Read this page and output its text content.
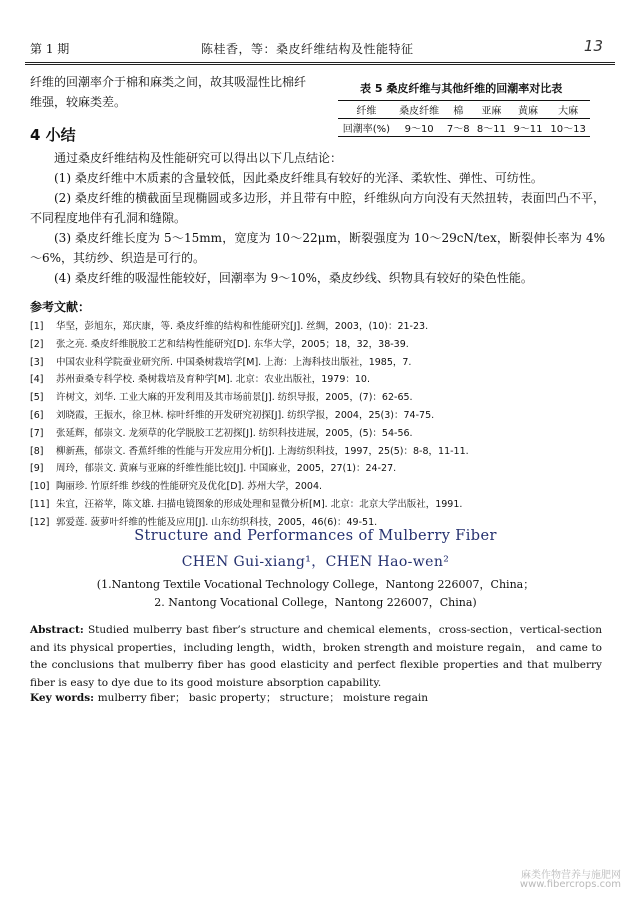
第 1 期	陈桂香，等：桑皮纤维结构及性能特征	13
纤维的回潮率介于棉和麻类之间，故其吸湿性比棉纤维强，较麻类差。
表 5 桑皮纤维与其他纤维的回潮率对比表
纤维	桑皮纤维	棉	亚麻	黄麻	大麻
回潮率(%)	9～10	7～8	8～11	9～11	10～13
4 小结

通过桑皮纤维结构及性能研究可以得出以下几点结论：

(1) 桑皮纤维中木质素的含量较低，因此桑皮纤维具有较好的光泽、柔软性、弹性、可纺性。

(2) 桑皮纤维的横截面呈现椭圆或多边形，并且带有中腔，纤维纵向方向没有天然扭转，表面凹凸不平，不同程度地伴有孔洞和缝隙。

(3) 桑皮纤维长度为 5～15mm，宽度为 10～22μm，断裂强度为 10～29cN/tex，断裂伸长率为 4%～6%，其纺纱、织造是可行的。

(4) 桑皮纤维的吸湿性能较好，回潮率为 9～10%，桑皮纱线、织物具有较好的染色性能。

参考文献：
[1]	华坚，彭旭东，郑庆康，等. 桑皮纤维的结构和性能研究[J]. 丝绸，2003，(10)：21-23.
[2]	张之亮. 桑皮纤维脱胶工艺和结构性能研究[D]. 东华大学，2005；18，32，38-39.
[3]	中国农业科学院蚕业研究所. 中国桑树栽培学[M]. 上海：上海科技出版社，1985，7.
[4]	苏州蚕桑专科学校. 桑树栽培及育种学[M]. 北京：农业出版社，1979：10.
[5]	许树文，刘华. 工业大麻的开发利用及其市场前景[J]. 纺织导报，2005，(7)：62-65.
[6]	刘晓霞，王振水，徐卫林. 棕叶纤维的开发研究初探[J]. 纺织学报，2004，25(3)：74-75.
[7]	张延辉，郁崇文. 龙须草的化学脱胶工艺初探[J]. 纺织科技进展，2005，(5)：54-56.
[8]	柳新燕，郁崇文. 香蕉纤维的性能与开发应用分析[J]. 上海纺织科技，1997，25(5)：8-8，11-11.
[9]	周玲，郁崇文. 黄麻与亚麻的纤维性能比较[J]. 中国麻业，2005，27(1)：24-27.
[10] 陶丽珍. 竹原纤维 纱线的性能研究及优化[D]. 苏州大学，2004.
[11] 朱宜，汪裕苹，陈文雄. 扫描电镜图象的形成处理和显微分析[M]. 北京：北京大学出版社，1991.
[12] 郭爱莲. 菠萝叶纤维的性能及应用[J]. 山东纺织科技，2005，46(6)：49-51.
Structure and Performances of Mulberry Fiber
CHEN Gui-xiang¹，CHEN Hao-wen²
(1.Nantong Textile Vocational Technology College，Nantong 226007，China；
2. Nantong Vocational College，Nantong 226007，China)
Abstract: Studied mulberry bast fiber’s structure and chemical elements，cross-section，vertical-section and its physical properties，including length，width，broken strength and moisture regain， and came to the conclusions that mulberry fiber has good elasticity and perfect flexible properties and that mulberry fiber is easy to dye due to its good moisture absorption capability.
Key words: mulberry fiber； basic property； structure； moisture regain
麻类作物营养与施肥网
www.fibercrops.com
